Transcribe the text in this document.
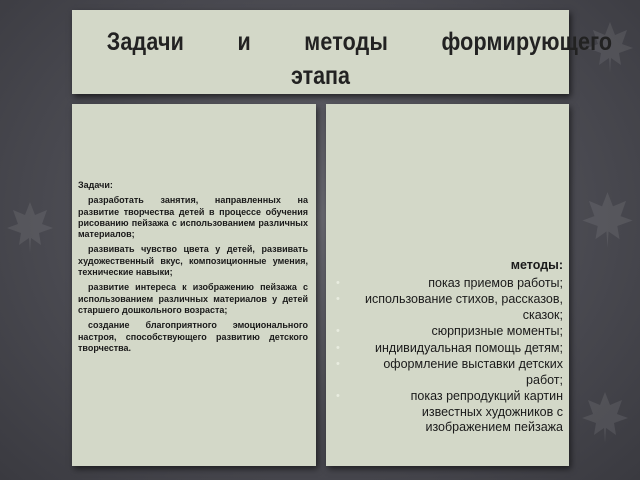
Задачи и методы формирующего
этапа
Задачи:
разработать занятия, направленных на развитие творчества детей в процессе обучения рисованию пейзажа с использованием различных материалов;
развивать чувство цвета у детей, развивать художественный вкус, композиционные умения, технические навыки;
развитие интереса к изображению пейзажа с использованием различных материалов у детей старшего дошкольного возраста;
создание благоприятного эмоционального настроя, способствующего развитию детского творчества.
методы:
•	показ приемов работы;
• использование стихов, рассказов, сказок;
•	сюрпризные моменты;
•	индивидуальная помощь детям;
•	оформление выставки детских работ;
•	показ репродукций картин известных художников с изображением пейзажа
